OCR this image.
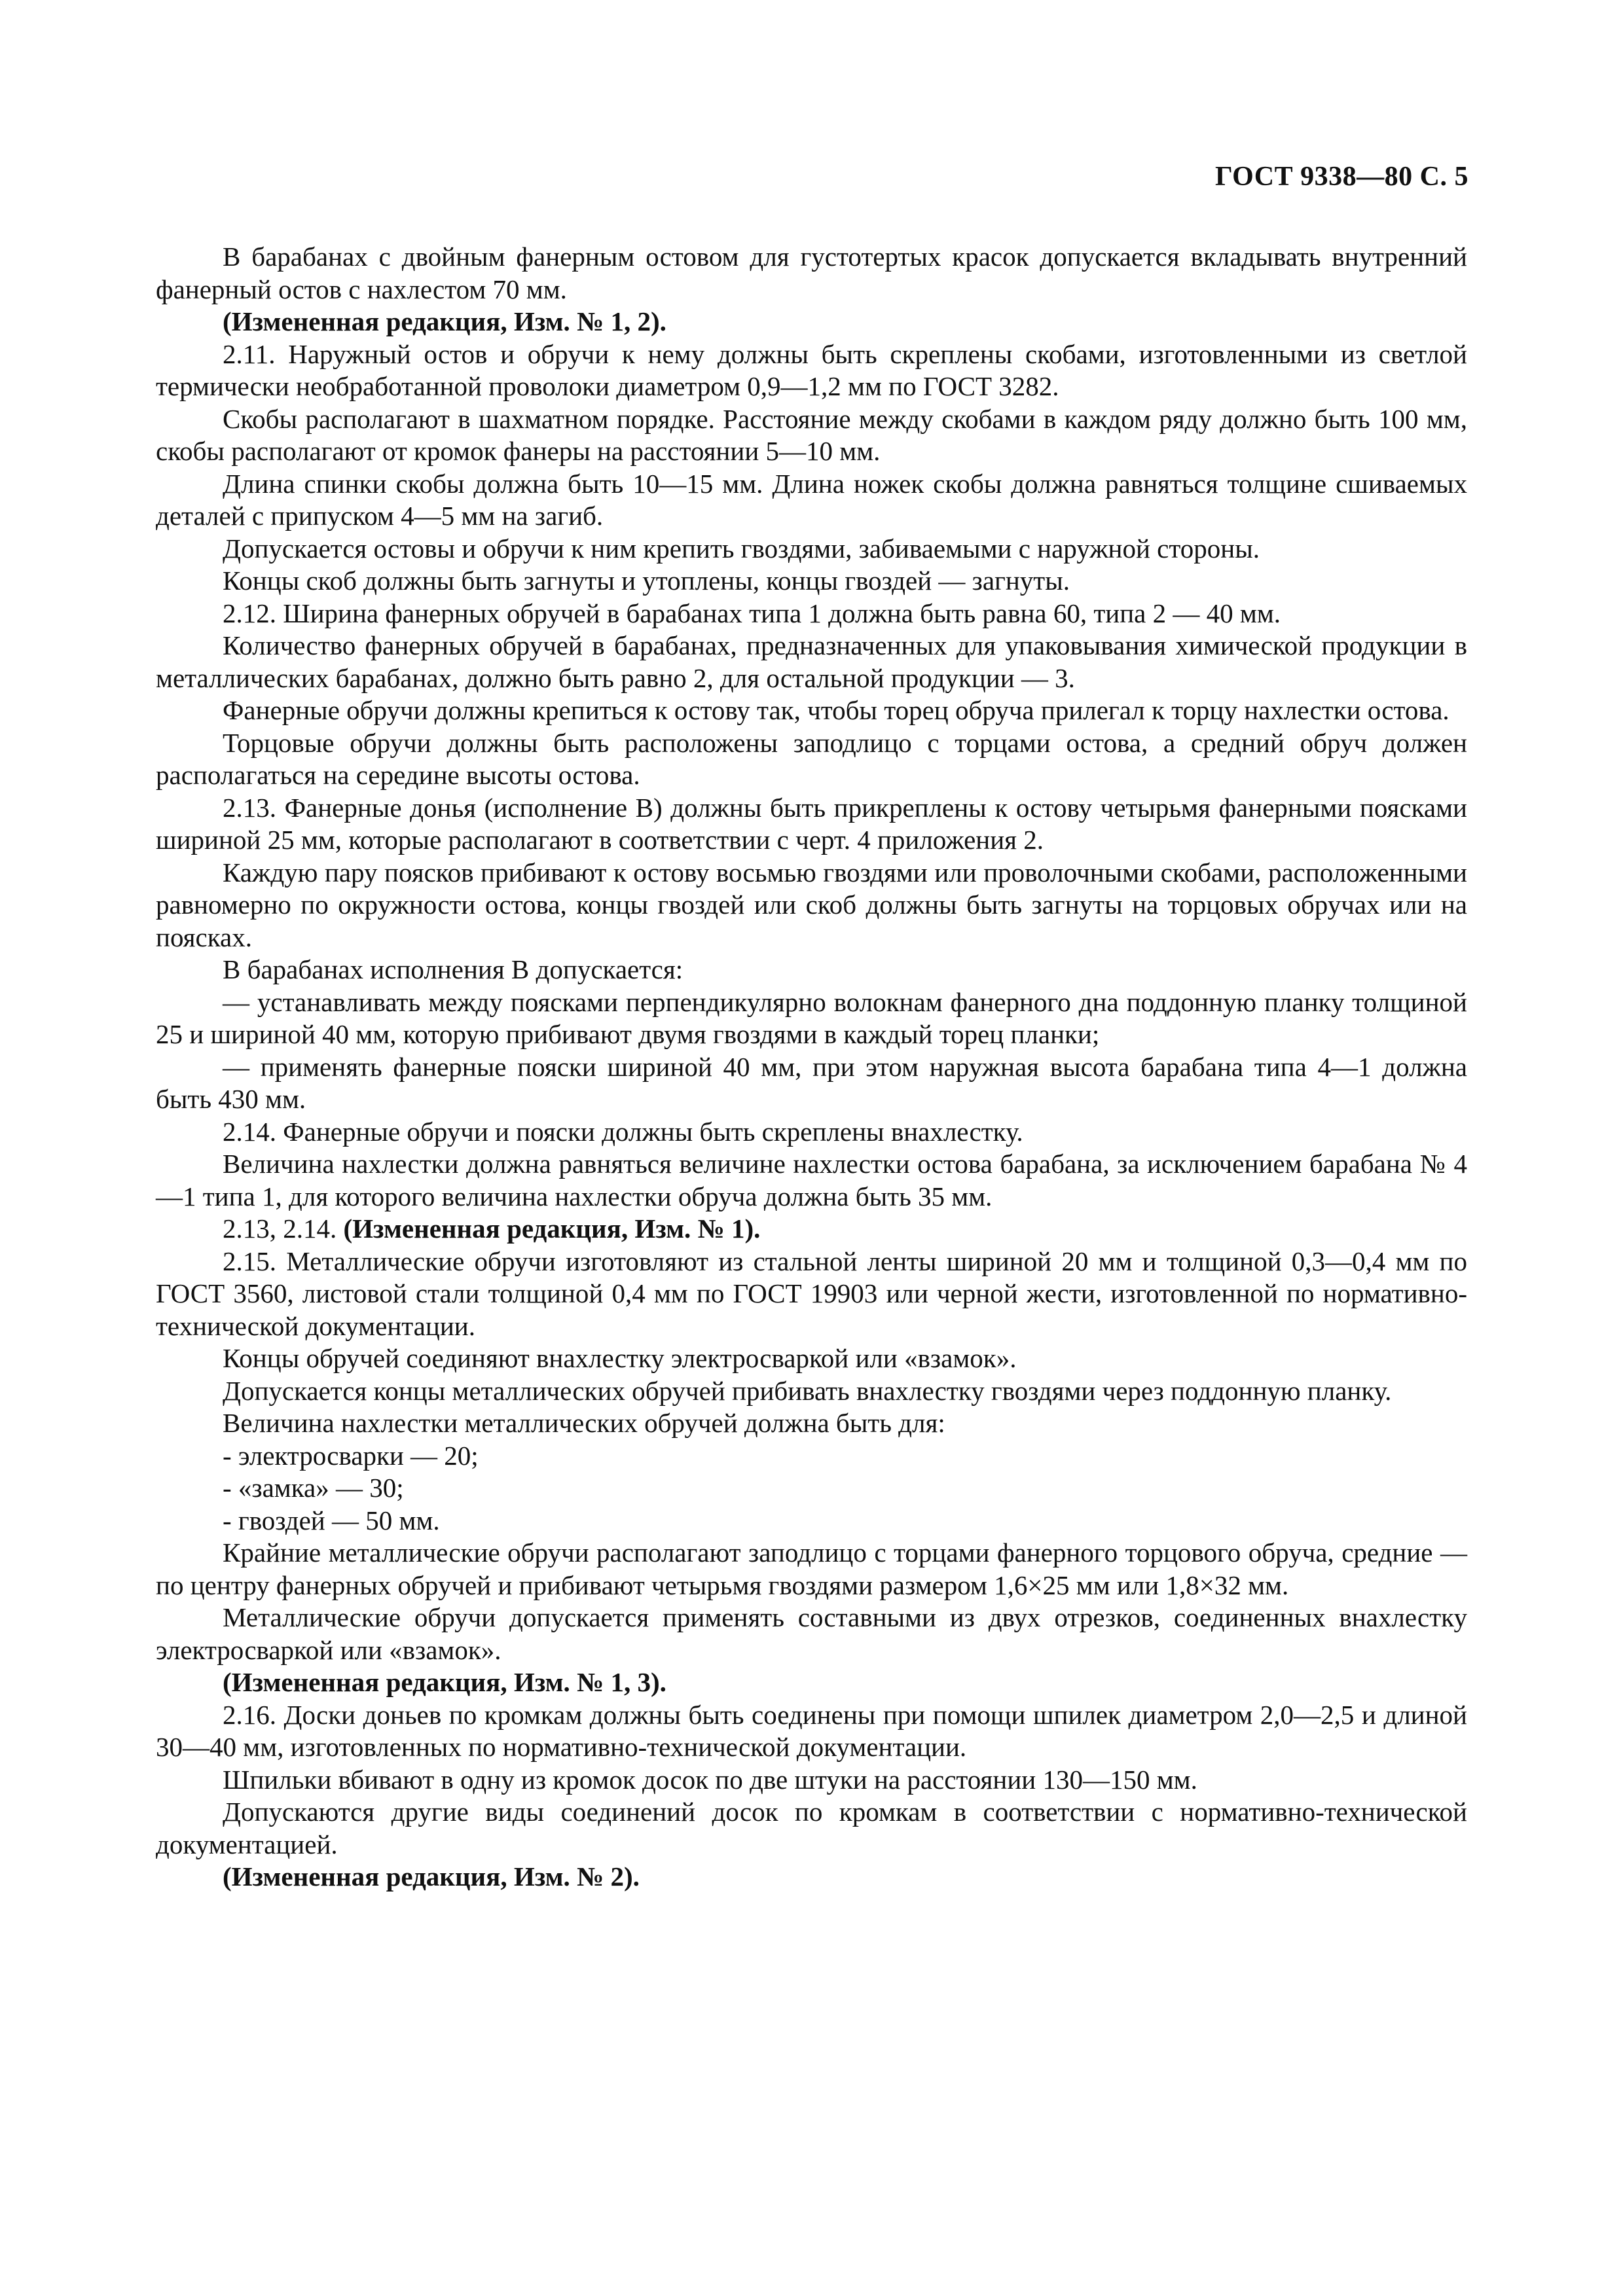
ГОСТ 9338—80 С. 5

В барабанах с двойным фанерным остовом для густотертых красок допускается вкладывать внутренний фанерный остов с нахлестом 70 мм.

(Измененная редакция, Изм. № 1, 2).

2.11. Наружный остов и обручи к нему должны быть скреплены скобами, изготовленными из светлой термически необработанной проволоки диаметром 0,9—1,2 мм по ГОСТ 3282.

Скобы располагают в шахматном порядке. Расстояние между скобами в каждом ряду должно быть 100 мм, скобы располагают от кромок фанеры на расстоянии 5—10 мм.

Длина спинки скобы должна быть 10—15 мм. Длина ножек скобы должна равняться толщине сшиваемых деталей с припуском 4—5 мм на загиб.

Допускается остовы и обручи к ним крепить гвоздями, забиваемыми с наружной стороны.

Концы скоб должны быть загнуты и утоплены, концы гвоздей — загнуты.

2.12. Ширина фанерных обручей в барабанах типа 1 должна быть равна 60, типа 2 — 40 мм.

Количество фанерных обручей в барабанах, предназначенных для упаковывания химической продукции в металлических барабанах, должно быть равно 2, для остальной продукции — 3.

Фанерные обручи должны крепиться к остову так, чтобы торец обруча прилегал к торцу нахлестки остова.

Торцовые обручи должны быть расположены заподлицо с торцами остова, а средний обруч должен располагаться на середине высоты остова.

2.13. Фанерные донья (исполнение В) должны быть прикреплены к остову четырьмя фанерными поясками шириной 25 мм, которые располагают в соответствии с черт. 4 приложения 2.

Каждую пару поясков прибивают к остову восьмью гвоздями или проволочными скобами, расположенными равномерно по окружности остова, концы гвоздей или скоб должны быть загнуты на торцовых обручах или на поясках.

В барабанах исполнения В допускается:

— устанавливать между поясками перпендикулярно волокнам фанерного дна поддонную планку толщиной 25 и шириной 40 мм, которую прибивают двумя гвоздями в каждый торец планки;

— применять фанерные пояски шириной 40 мм, при этом наружная высота барабана типа 4—1 должна быть 430 мм.

2.14. Фанерные обручи и пояски должны быть скреплены внахлестку.

Величина нахлестки должна равняться величине нахлестки остова барабана, за исключением барабана № 4—1 типа 1, для которого величина нахлестки обруча должна быть 35 мм.

2.13, 2.14. (Измененная редакция, Изм. № 1).

2.15. Металлические обручи изготовляют из стальной ленты шириной 20 мм и толщиной 0,3—0,4 мм по ГОСТ 3560, листовой стали толщиной 0,4 мм по ГОСТ 19903 или черной жести, изготовленной по нормативно-технической документации.

Концы обручей соединяют внахлестку электросваркой или «взамок».

Допускается концы металлических обручей прибивать внахлестку гвоздями через поддонную планку.

Величина нахлестки металлических обручей должна быть для:

- электросварки — 20;

- «замка» — 30;

- гвоздей — 50 мм.

Крайние металлические обручи располагают заподлицо с торцами фанерного торцового обруча, средние — по центру фанерных обручей и прибивают четырьмя гвоздями размером 1,6×25 мм или 1,8×32 мм.

Металлические обручи допускается применять составными из двух отрезков, соединенных внахлестку электросваркой или «взамок».

(Измененная редакция, Изм. № 1, 3).

2.16. Доски доньев по кромкам должны быть соединены при помощи шпилек диаметром 2,0—2,5 и длиной 30—40 мм, изготовленных по нормативно-технической документации.

Шпильки вбивают в одну из кромок досок по две штуки на расстоянии 130—150 мм.

Допускаются другие виды соединений досок по кромкам в соответствии с нормативно-технической документацией.

(Измененная редакция, Изм. № 2).
